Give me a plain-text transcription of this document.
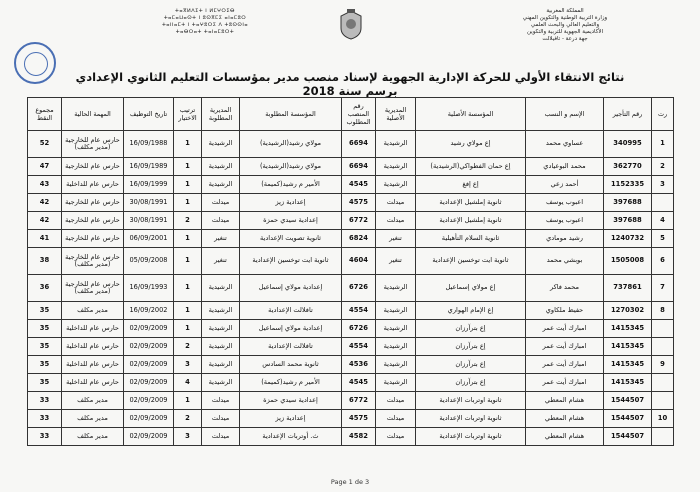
ⵜⴰⴳⵍⴷⵉⵜ ⵏ ⵍⵎⵖⵔⵉⴱ
ⵜⴰⵎⴰⵡⴰⵙⵜ ⵏ ⵓⵙⴳⵎⵉ ⴰⵏⴰⵎⵓⵔ
ⵜⴰⵏⵏⴰⵎⵜ ⵏ ⵜⴰⵖⵓⵔⵉ ⴷ ⵜⵓⵙⵙⵏⴰ
ⵜⴰⴱⵔⴰⵜ ⵜⴰⵏⴰⵎⵓⵔⵜ
المملكة المغربية
وزارة التربية الوطنية والتكوين المهني
والتعليم العالي والبحث العلمي
الأكاديمية الجهوية للتربية والتكوين
جهة درعة - تافيلالت
نتائج الانتقاء الأولي للحركة الإدارية الجهوية لإسناد منصب مدير بمؤسسات التعليم الثانوي الإعدادي برسم سنة 2018
رت	رقم التأجير	الإسم و النسب	المؤسسة الأصلية	المديرية الأصلية	رقم المنصب المطلوب	المؤسسة المطلوبة	المديرية المطلوبة	ترتيب الاختيار	تاريخ التوظيف	المهمة الحالية	مجموع النقط
1	340995	عساوي محمد	إع مولاي رشيد	الرشيدية	6694	مولاي رشيد(الرشيدية)	الرشيدية	1	16/09/1988	حارس عام للخارجية (مدير مكلف)	52
2	362770	محمد البوعيادي	إع حمان الفطواكي(الرشيدية)	الرشيدية	6694	مولاي رشيد(الرشيدية)	الرشيدية	1	16/09/1989	حارس عام للخارجية	47
3	1152335	أحمد زعي	إع إفغ	الرشيدية	4545	الأمير م رشيد(كميمة)	الرشيدية	1	16/09/1999	حارس عام للداخلية	43
	397688	اعبوب يوسف	ثانوية إملشيل الإعدادية	ميدلت	4575	إعدادية زيز	ميدلت	1	30/08/1991	حارس عام للخارجية	42
4	397688	اعبوب يوسف	ثانوية إملشيل الإعدادية	ميدلت	6772	إعدادية سيدي حمزة	ميدلت	2	30/08/1991	حارس عام للخارجية	42
5	1240732	رشيد مومادي	ثانوية السلام التأهيلية	تنغير	6824	ثانوية تصويت الإعدادية	تنغير	1	06/09/2001	حارس عام للخارجية	41
6	1505008	بوبشي محمد	ثانوية ايت توخسين الإعدادية	تنغير	4604	ثانوية ايت توخسين الإعدادية	تنغير	1	05/09/2008	حارس عام للخارجية (مدير مكلف)	38
7	737861	محمد فاكر	إع مولاي إسماعيل	الرشيدية	6726	إعدادية مولاي إسماعيل	الرشيدية	1	16/09/1993	حارس عام للخارجية (مدير مكلف)	36
8	1270302	حفيظ ملكاوي	إع الإمام الهواري	الرشيدية	4554	تافلالت الإعدادية	الرشيدية	1	16/09/2002	مدير مكلف	35
	1415345	امبارك أيت عمر	إع بترآرزان	الرشيدية	6726	إعدادية مولاي إسماعيل	الرشيدية	1	02/09/2009	حارس عام للداخلية	35
	1415345	امبارك أيت عمر	إع بترآرزان	الرشيدية	4554	تافلالت الإعدادية	الرشيدية	2	02/09/2009	حارس عام للداخلية	35
9	1415345	امبارك أيت عمر	إع بترآرزان	الرشيدية	4536	ثانوية محمد السادس	الرشيدية	3	02/09/2009	حارس عام للداخلية	35
	1415345	امبارك أيت عمر	إع بترآرزان	الرشيدية	4545	الأمير م رشيد(كميمة)	الرشيدية	4	02/09/2009	حارس عام للداخلية	35
	1544507	هشام المعطي	ثانوية اوتربات الإعدادية	ميدلت	6772	إعدادية سيدي حمزة	ميدلت	1	02/09/2009	مدير مكلف	33
10	1544507	هشام المعطي	ثانوية اوتربات الإعدادية	ميدلت	4575	إعدادية زيز	ميدلت	2	02/09/2009	مدير مكلف	33
	1544507	هشام المعطي	ثانوية اوتربات الإعدادية	ميدلت	4582	ث. أوتربات الإعدادية	ميدلت	3	02/09/2009	مدير مكلف	33
Page 1 de 3
